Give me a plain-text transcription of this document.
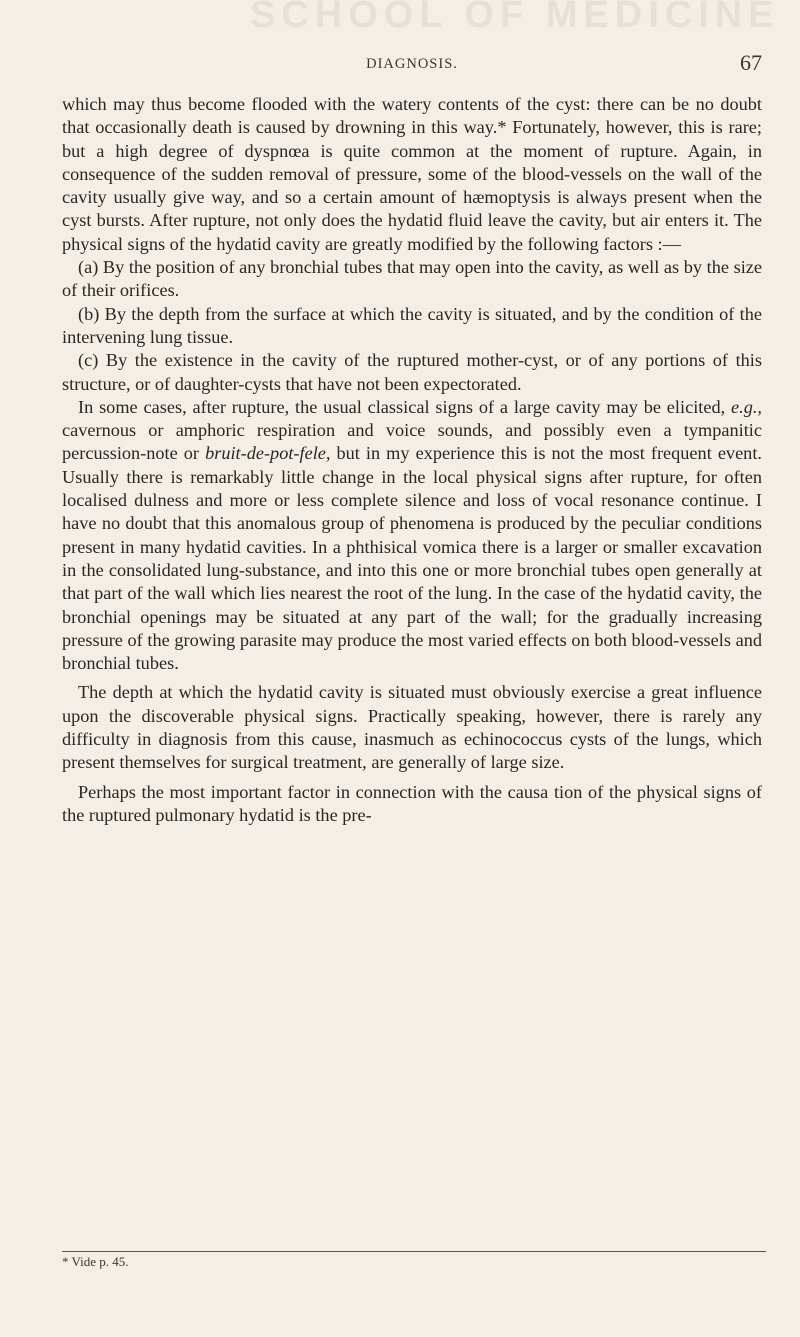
SCHOOL OF MEDICINE
DIAGNOSIS.	67

which may thus become flooded with the watery contents of the cyst: there can be no doubt that occasionally death is caused by drowning in this way.* Fortunately, however, this is rare; but a high degree of dyspnœa is quite common at the moment of rupture. Again, in consequence of the sudden removal of pressure, some of the blood-vessels on the wall of the cavity usually give way, and so a certain amount of hæmoptysis is always present when the cyst bursts. After rupture, not only does the hydatid fluid leave the cavity, but air enters it. The physical signs of the hydatid cavity are greatly modified by the following factors :—

(a) By the position of any bronchial tubes that may open into the cavity, as well as by the size of their orifices.

(b) By the depth from the surface at which the cavity is situated, and by the condition of the intervening lung tissue.

(c) By the existence in the cavity of the ruptured mother-cyst, or of any portions of this structure, or of daughter-cysts that have not been expectorated.

In some cases, after rupture, the usual classical signs of a large cavity may be elicited, e.g., cavernous or amphoric respiration and voice sounds, and possibly even a tympanitic percussion-note or bruit-de-pot-fele, but in my experience this is not the most frequent event. Usually there is remarkably little change in the local physical signs after rupture, for often localised dulness and more or less complete silence and loss of vocal resonance continue. I have no doubt that this anomalous group of phenomena is produced by the peculiar conditions present in many hydatid cavities. In a phthisical vomica there is a larger or smaller excavation in the consolidated lung-substance, and into this one or more bronchial tubes open generally at that part of the wall which lies nearest the root of the lung. In the case of the hydatid cavity, the bronchial openings may be situated at any part of the wall; for the gradually increasing pressure of the growing parasite may produce the most varied effects on both blood-vessels and bronchial tubes.

The depth at which the hydatid cavity is situated must obviously exercise a great influence upon the discoverable physical signs. Practically speaking, however, there is rarely any difficulty in diagnosis from this cause, inasmuch as echinococcus cysts of the lungs, which present themselves for surgical treatment, are generally of large size.

Perhaps the most important factor in connection with the causa tion of the physical signs of the ruptured pulmonary hydatid is the pre-

* Vide p. 45.
